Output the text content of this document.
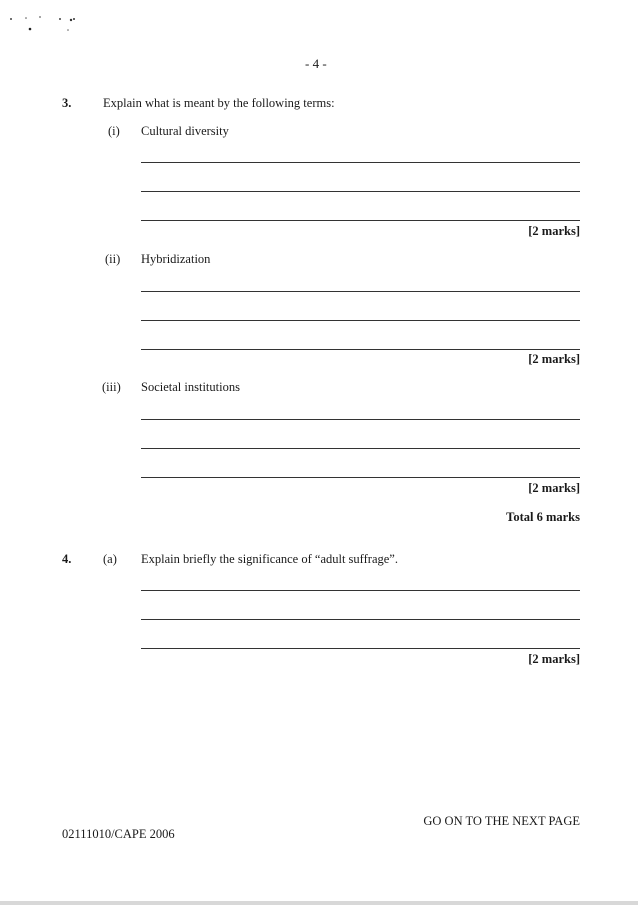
- 4 -
3.	Explain what is meant by the following terms:
(i) Cultural diversity
[2 marks]
(ii) Hybridization
[2 marks]
(iii) Societal institutions
[2 marks]
Total 6 marks
4.	(a) Explain briefly the significance of “adult suffrage”.
[2 marks]
GO ON TO THE NEXT PAGE
02111010/CAPE 2006
